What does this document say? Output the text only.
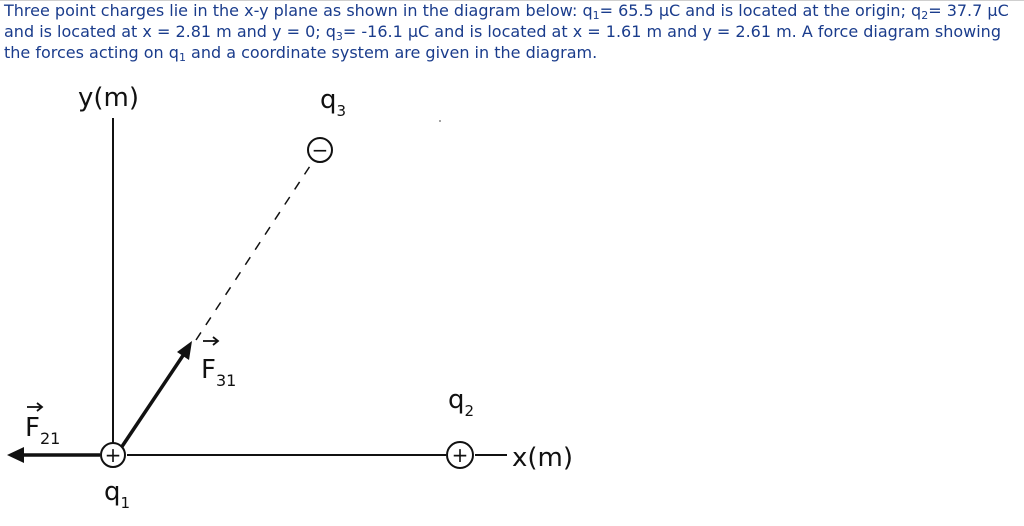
Three point charges lie in the x-y plane as shown in the diagram below: $q_1= 65.5$ μC and is located at the origin; $q_2= 37.7$ μC and is located at x = 2.81 m and y = 0; $q_3= -16.1$ μC and is located at x = 1.61 m and y = 2.61 m. A force diagram showing the forces acting on $q_1$ and a coordinate system are given in the diagram.

y(m)
x(m)
+	+
−
$q_1$
$q_2$
$q_3$
$F_{31}$
$F_{21}$
